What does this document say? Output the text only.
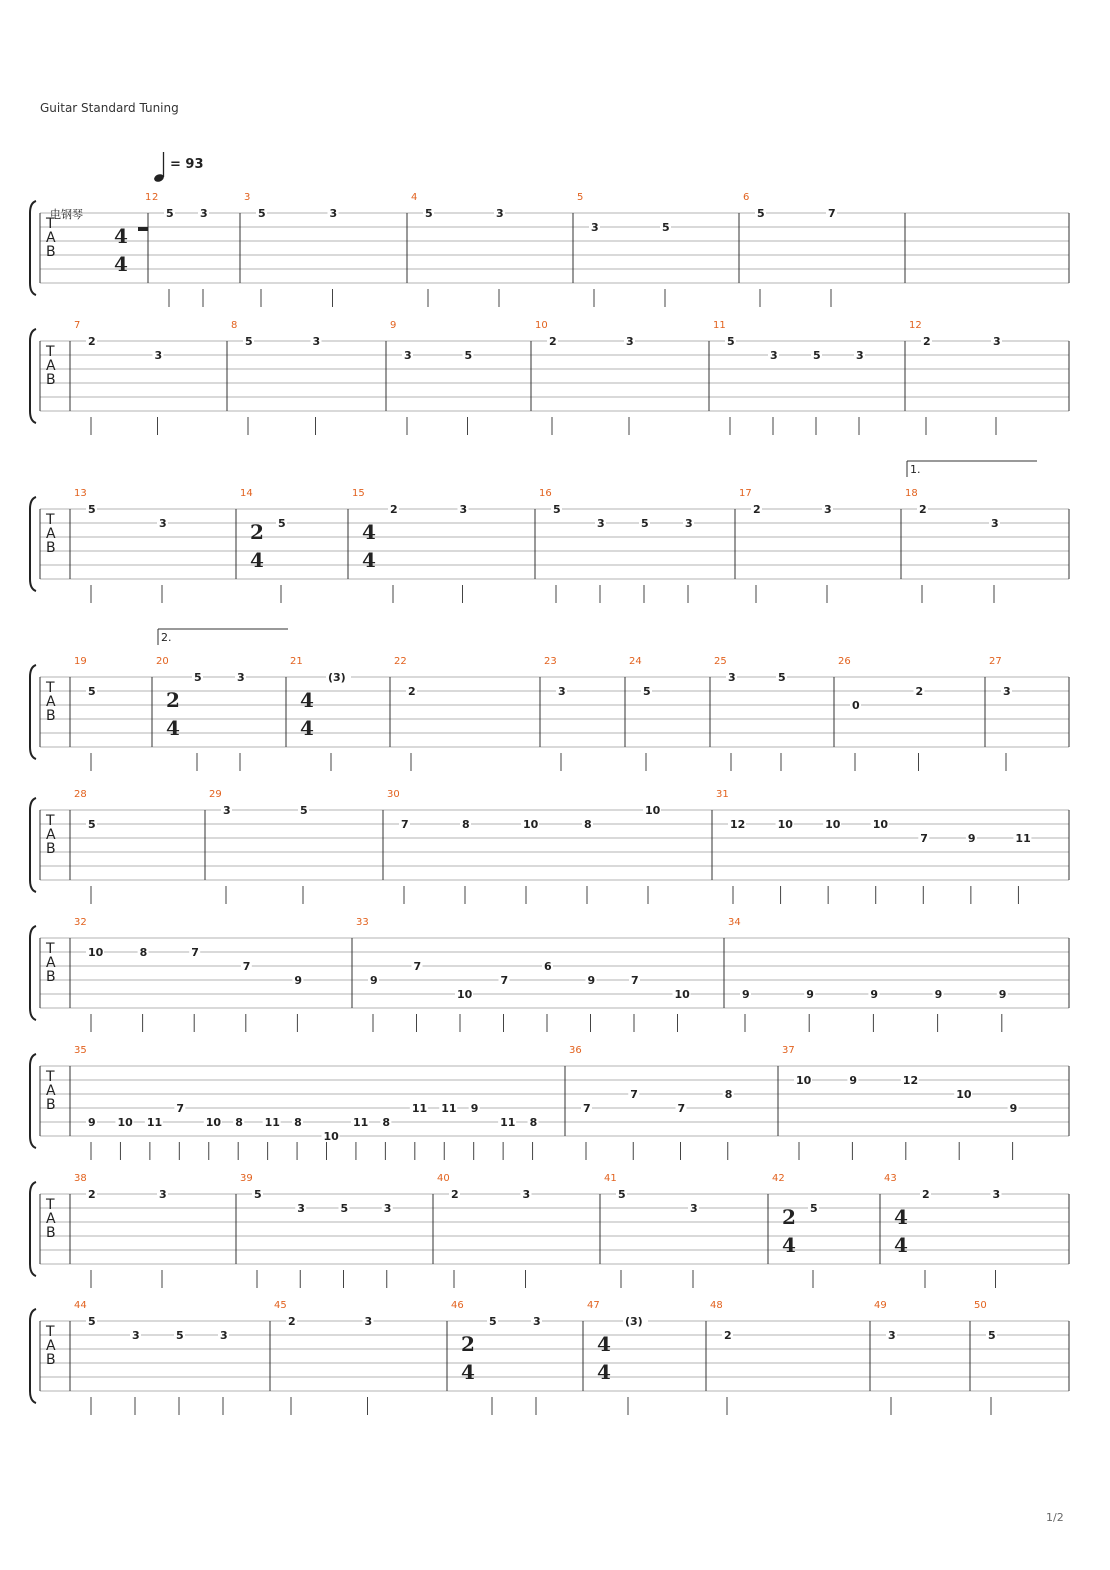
Guitar Standard Tuning
= 93
电钢琴
T
A
B
1
4
4
2
5 3
3
5	3
4
5	3
5
3	5
6
5	7
T
A
B
7
2
3
8
5	3
9
3	5
10
2	3
11
5
3	5	3
12
2	3
T
A
B
13
5
3
14
2
4
5
15
4
4
2	3
16
5
3	5	3
17
2	3
18
1.
2
3
T
A
B
19
5
20
2
4
2.
5	3
21
4
4
(3)
22
2
23
3
24
5
25
3	5
26
0
2
27
3
T
A
B
28
5
29
3	5
30
7	8	10	8
10
31
12	10	10	10
7	9	11
T
A
B
32
10	8	7
7
9
33
9
7
10
7
6
9	7
10
34
9	9	9	9	9
T
A
B
35
9 10 11
7
10 8 11 8
10
11 8
11 11 9
11 8
36
7
7
7
8
37
10	9	12
10
9
T
A
B
38
2	3
39
5
3	5	3
40
2	3
41
5
3
42
2
4
5
43
4
4
2	3
T
A
B
44
5
3	5	3
45
2	3
46
2
4
5	3
47
4
4
(3)
48
2
49
3
50
5
1/2
